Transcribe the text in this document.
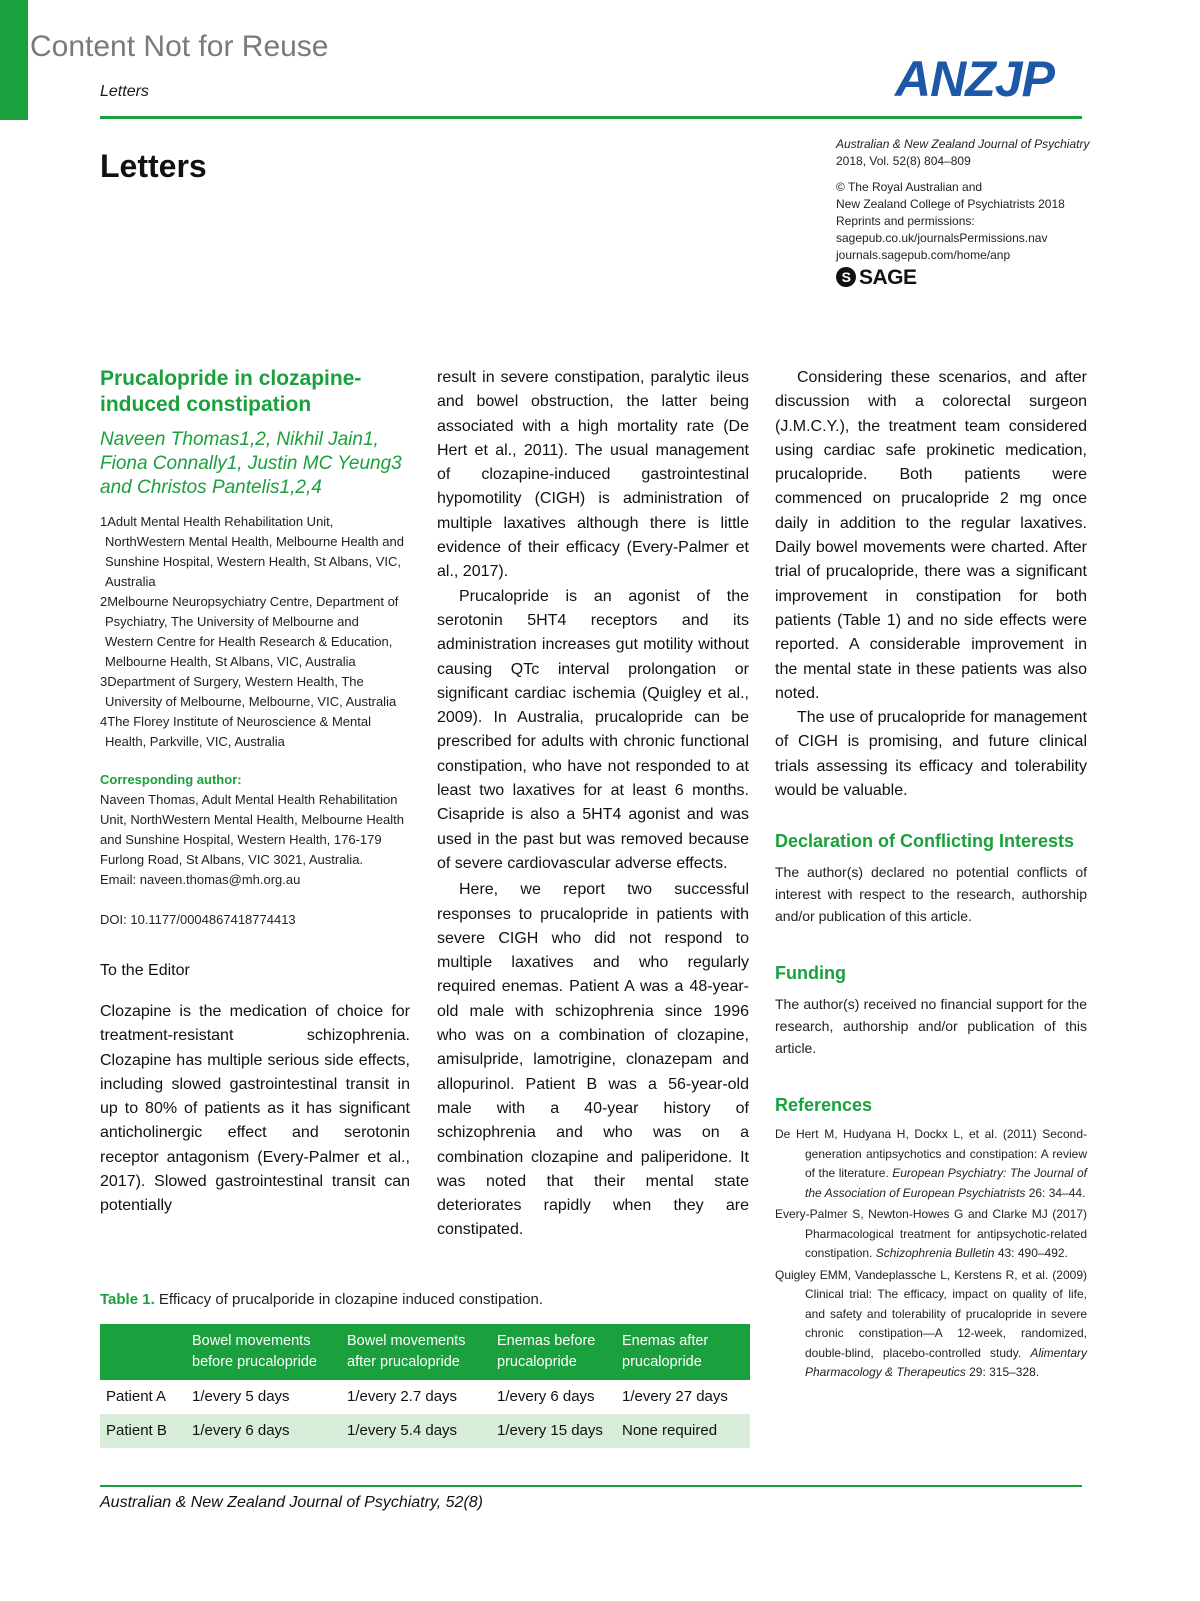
Content Not for Reuse
Letters	ANZJP
Letters
Australian & New Zealand Journal of Psychiatry
2018, Vol. 52(8) 804–809
© The Royal Australian and
New Zealand College of Psychiatrists 2018
Reprints and permissions:
sagepub.co.uk/journalsPermissions.nav
journals.sagepub.com/home/anp
S SAGE
Prucalopride in clozapine-induced constipation
Naveen Thomas1,2, Nikhil Jain1, Fiona Connally1, Justin MC Yeung3 and Christos Pantelis1,2,4
1Adult Mental Health Rehabilitation Unit, NorthWestern Mental Health, Melbourne Health and Sunshine Hospital, Western Health, St Albans, VIC, Australia
2Melbourne Neuropsychiatry Centre, Department of Psychiatry, The University of Melbourne and Western Centre for Health Research & Education, Melbourne Health, St Albans, VIC, Australia
3Department of Surgery, Western Health, The University of Melbourne, Melbourne, VIC, Australia
4The Florey Institute of Neuroscience & Mental Health, Parkville, VIC, Australia
Corresponding author:
Naveen Thomas, Adult Mental Health Rehabilitation Unit, NorthWestern Mental Health, Melbourne Health and Sunshine Hospital, Western Health, 176-179 Furlong Road, St Albans, VIC 3021, Australia.
Email: naveen.thomas@mh.org.au
DOI: 10.1177/0004867418774413
To the Editor
Clozapine is the medication of choice for treatment-resistant schizophrenia. Clozapine has multiple serious side effects, including slowed gastrointestinal transit in up to 80% of patients as it has significant anticholinergic effect and serotonin receptor antagonism (Every-Palmer et al., 2017). Slowed gastrointestinal transit can potentially
result in severe constipation, paralytic ileus and bowel obstruction, the latter being associated with a high mortality rate (De Hert et al., 2011). The usual management of clozapine-induced gastrointestinal hypomotility (CIGH) is administration of multiple laxatives although there is little evidence of their efficacy (Every-Palmer et al., 2017).
Prucalopride is an agonist of the serotonin 5HT4 receptors and its administration increases gut motility without causing QTc interval prolongation or significant cardiac ischemia (Quigley et al., 2009). In Australia, prucalopride can be prescribed for adults with chronic functional constipation, who have not responded to at least two laxatives for at least 6 months. Cisapride is also a 5HT4 agonist and was used in the past but was removed because of severe cardiovascular adverse effects.
Here, we report two successful responses to prucalopride in patients with severe CIGH who did not respond to multiple laxatives and who regularly required enemas. Patient A was a 48-year-old male with schizophrenia since 1996 who was on a combination of clozapine, amisulpride, lamotrigine, clonazepam and allopurinol. Patient B was a 56-year-old male with a 40-year history of schizophrenia and who was on a combination clozapine and paliperidone. It was noted that their mental state deteriorates rapidly when they are constipated.
Considering these scenarios, and after discussion with a colorectal surgeon (J.M.C.Y.), the treatment team considered using cardiac safe prokinetic medication, prucalopride. Both patients were commenced on prucalopride 2 mg once daily in addition to the regular laxatives. Daily bowel movements were charted. After trial of prucalopride, there was a significant improvement in constipation for both patients (Table 1) and no side effects were reported. A considerable improvement in the mental state in these patients was also noted.
The use of prucalopride for management of CIGH is promising, and future clinical trials assessing its efficacy and tolerability would be valuable.
Declaration of Conflicting Interests
The author(s) declared no potential conflicts of interest with respect to the research, authorship and/or publication of this article.
Funding
The author(s) received no financial support for the research, authorship and/or publication of this article.
References
De Hert M, Hudyana H, Dockx L, et al. (2011) Second-generation antipsychotics and constipation: A review of the literature. European Psychiatry: The Journal of the Association of European Psychiatrists 26: 34–44.
Every-Palmer S, Newton-Howes G and Clarke MJ (2017) Pharmacological treatment for antipsychotic-related constipation. Schizophrenia Bulletin 43: 490–492.
Quigley EMM, Vandeplassche L, Kerstens R, et al. (2009) Clinical trial: The efficacy, impact on quality of life, and safety and tolerability of prucalopride in severe chronic constipation—A 12-week, randomized, double-blind, placebo-controlled study. Alimentary Pharmacology & Therapeutics 29: 315–328.
Table 1. Efficacy of prucalporide in clozapine induced constipation.
	Bowel movements before prucalopride	Bowel movements after prucalopride	Enemas before prucalopride	Enemas after prucalopride
Patient A	1/every 5 days	1/every 2.7 days	1/every 6 days	1/every 27 days
Patient B	1/every 6 days	1/every 5.4 days	1/every 15 days	None required
Australian & New Zealand Journal of Psychiatry, 52(8)
